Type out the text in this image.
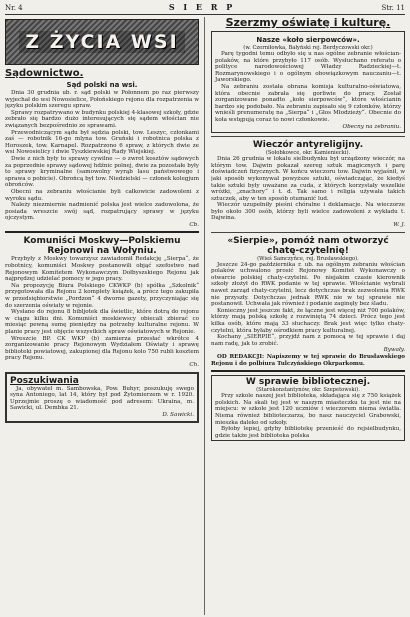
Nr. 4	S I E R P	Str. 11
Z ŻYCIA WSI
Sądownictwo.
Sąd polski na wsi.

Dnia 30 grudnia ub. r. sąd polski w Połonnem po raz pierwszy wyjechał do wsi Nowosielice, Połońskiego rejonu dla rozpatrzenia w języku polskim szeregu spraw.

Sprawy rozpatrywano w budynku polskiej 4-klasowej szkoły, gdzie zebrało się bardzo dużo interesujących się sądem włościan nie związanych bezpośrednio ze sprawami.

Przewodniczącym sądu był sędzia polski, tow. Leszyc, członkami zaś — robotnik 16-go mlyna tow. Gruński i robotnica polska z Horoszek, tow. Karnapel. Rozpatrzono 6 spraw, z których dwie ze wsi Nowosielicy i dwie Tyszkiewskiej Rady Wiejskiej.

Dwie z nich były to sprawy cywilne — o zwrot kosztów sądowych za poprzednie sprawy sądowej hdźnic polnej, dwie za pozostałe były to sprawy kryminalne (samowolny wyrąb lasu państwowego i sprawa o pobicie). Obrońcą był tow. Niedzielski — członek kolegjum obrońców.

Obecni na zebraniu włościanie byli całkowicie zadowoleni z wyroku sądu.

Należy niezmiernie nadmienić polska jest wielce zadowolona, że posiada wreszcie swój sąd, rozpatrujący sprawy w języku ojczystym.

Cb.

Komuniści Moskwy—Polskiemu Rejonowi na Wołyniu.

Przybyły z Moskwy towarzysz zawiadomił Redakcję „Sierpa“, że robotnicy, komuniści Moskwy postanowili objąć szefostwo nad Rejonowym Komitetem Wykonawczym Dołbyszskiego Rejonu jak najprędzej udzielać pomocy w jego pracy.

Na propozycję Biura Polskiego CKWKP (b) spółka „Szkolnik“ przygotowała dla Rejonu 2 komplety książek, a prócz tego zakupiła w przedsiębiorstwie „Pordzon“ 4 dworne gazety, przyczyniając się do szerzenia oświaty w rejonie.

Wysłano do rejonu 8 bibljotek dla świetlic, które dotrą do rejonu w ciągu kilku dni. Komuniści moskiewscy obiecali zbierać co miesiąc pewną sumę pieniędzy na potrzeby kulturalne rejonu. W planie pracy jest objęcie wszystkich spraw oświatowych w Rejonie.

Wreszcie BP. CK WKP (b) zamierza przesłać wkrótce 4 zorganizowanie pracy Rejonowym Wydziałem Oświaty i sprawę biblioteki powiatowej, zakupionej dla Rejonu kolo 750 rubli kosztem pracy Rejonu.

Ch.

Poszukiwania

Ja, obywatel m. Sambowska, Pow. Buhyr, poszukuję swego syna Antoniego, lat 14, który był pod Żytomierzem w r. 1920. Uprzejmie proszę o wiadomość pod adresem: Ukraina, m. Sawicki, ul. Dembka 21.

D. Sawicki.

Szerzmy oświatę i kulturę.
Nasze «koło sierpowców».
(w. Czerniłowka, Bałyński rej. Berdyczowski okr.)

Parę tygodni temu odbyło się u nas ogólne zebranie włościan-polaków, na które przybyło 117 osób. Wysłuchano referatu o polityce narodowościowej Władzy Radzieckiej—t. Rozmarynowskiego i o ogólnym obowiązkowym nauczaniu—t. Jaworskiego.

Na zebraniu została obrana komisja kulturalno-oświatowa, która obecnie zabrała się gorliwie do pracy. Został zorganizowane ponadto „koło sierpowców“, które włościanin bardzo się podobało. Na zebraniu zapisało się 9 członków, którzy wnieśli prenumeratę na „Sierpa“ i „Głos Młodzieży“. Obecnie do koła wstępują coraz to nowi członkowie.

Obecny na zebraniu.

Wieczór antyreligijny.
(Sołobkowce, okr. Kamieniecki).

Dnia 26 grudnia w lokalu sielbudynku był urządzony wieczór, na którym tow. Dajwin pokazał szereg sztuk magicznych i parę doświadczeń fizycznych. W końcu wieczoru tow. Dajwin wyjaśnił, w jaki sposób wykonywał powyższe sztuki, oświadczając, że kiedyś takie sztuki były uważane za cuda, z których korzystały wszelkie wróżki, „znachory“ i t. d. Tak samo i religia używała takich sztuczek, aby w ten sposób otumanić lud.

Wieczór uzupełniły pieśni chóralne i deklamacje. Na wieczorze było około 300 osób, którzy byli wielce zadowoleni z wykładu t. Dajwina.

W. J.

«Sierpie», pomóż nam otworzyć chatę-czytelnię!
(Wieś Samczyńce, rej. Brusławskiego).

Jeszcze 24-go października r. ub. na ogólnym zebraniu włościan polaków uchwalono prosić Rejonowy Komitet Wykonawczy o otwarcie polskiej chaty-czytelni. Po niejakim czasie kierownik szkoły złożył do RWK podanie w tej sprawie. Włościanie wybrali nawet zarząd chaty-czytelni, lecz dotychczas brak zezwolenia RWK nie przyszły. Dotychczas jednak RWK nie w tej sprawie nie postanowił. Uchwała jak również i podanie zaginęły bez śladu.

Konieczny jest jeszcze fakt, że łączne jest więcej niż 700 polaków, którzy mają polską szkołę z rozwiniętą 74 dzieci. Prócz tego jest kilka osób, które mają 33 słuchaczy. Brak jest więc tylko chaty-czytelni, która byłaby ośrodkiem pracy kulturalnej.

Kochany „SIERPIE“, przyjdź nam z pomocą w tej sprawie i daj nam radę, jak to zrobić.

Bywały.

OD REDAKCJI: Napiszemy w tej sprawie do Brusławskiego Rejonu i do polbiura Tulczyńskiego Okrparkomu.

W sprawie bibliotecznej.
(Starokonstantynów, okr. Szepetowski).

Przy szkole naszej jest biblioteka, składająca się z 750 książek polskich. Na skali tej jest w naszym miasteczku ta jest nie na miejscu: w szkole jest 120 uczniów i wieczorem niema światła. Niema również biblioteczarza, bo nasz nauczyciel Grabowski, mieszka daleko od szkoły.

Byłoby lepiej, gdyby bibliotekę przenieść do rejsielbudynku, gdzie także jest biblioteka polska
